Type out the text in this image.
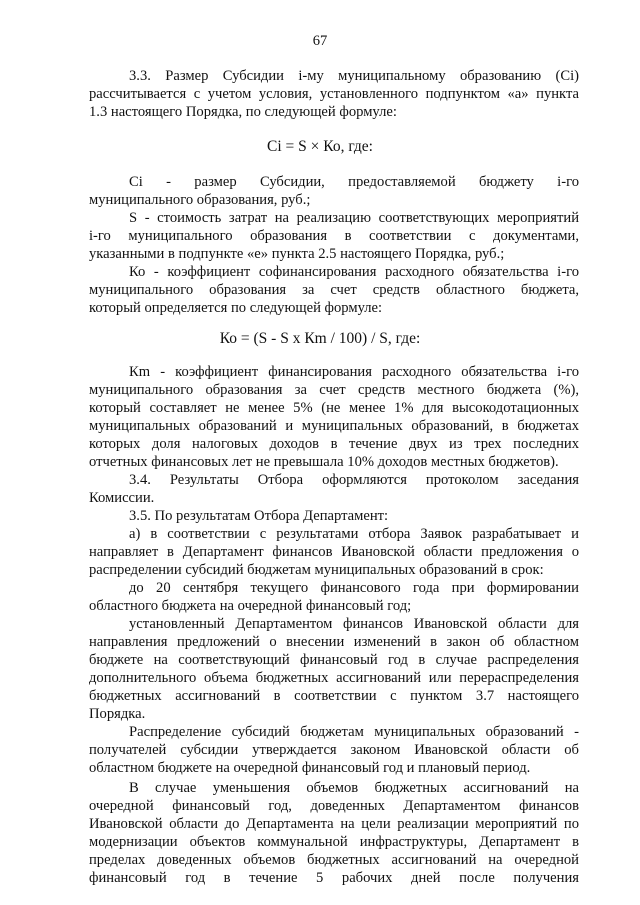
67

3.3. Размер Субсидии i-му муниципальному образованию (Сi)

рассчитывается с учетом условия, установленного подпунктом «а» пункта

1.3 настоящего Порядка, по следующей формуле:

Сi = S × Ко, где:

Сi - размер Субсидии, предоставляемой бюджету i-го

муниципального образования, руб.;

S - стоимость затрат на реализацию соответствующих мероприятий

i-го муниципального образования в соответствии с документами,

указанными в подпункте «е» пункта 2.5 настоящего Порядка, руб.;

Ко - коэффициент софинансирования расходного обязательства i-го

муниципального образования за счет средств областного бюджета,

который определяется по следующей формуле:

Ко = (S - S x Кm / 100) / S, где:

Кm - коэффициент финансирования расходного обязательства i-го

муниципального образования за счет средств местного бюджета (%),

который составляет не менее 5% (не менее 1% для высокодотационных

муниципальных образований и муниципальных образований, в бюджетах

которых доля налоговых доходов в течение двух из трех последних

отчетных финансовых лет не превышала 10% доходов местных бюджетов).

3.4. Результаты Отбора оформляются протоколом заседания

Комиссии.

3.5. По результатам Отбора Департамент:

а) в соответствии с результатами отбора Заявок разрабатывает и

направляет в Департамент финансов Ивановской области предложения о

распределении субсидий бюджетам муниципальных образований в срок:

до 20 сентября текущего финансового года при формировании

областного бюджета на очередной финансовый год;

установленный Департаментом финансов Ивановской области для

направления предложений о внесении изменений в закон об областном

бюджете на соответствующий финансовый год в случае распределения

дополнительного объема бюджетных ассигнований или перераспределения

бюджетных ассигнований в соответствии с пунктом 3.7 настоящего

Порядка.

Распределение субсидий бюджетам муниципальных образований -

получателей субсидии утверждается законом Ивановской области об

областном бюджете на очередной финансовый год и плановый период.

В случае уменьшения объемов бюджетных ассигнований на

очередной финансовый год, доведенных Департаментом финансов

Ивановской области до Департамента на цели реализации мероприятий по

модернизации объектов коммунальной инфраструктуры, Департамент в

пределах доведенных объемов бюджетных ассигнований на очередной

финансовый год в течение 5 рабочих дней после получения
